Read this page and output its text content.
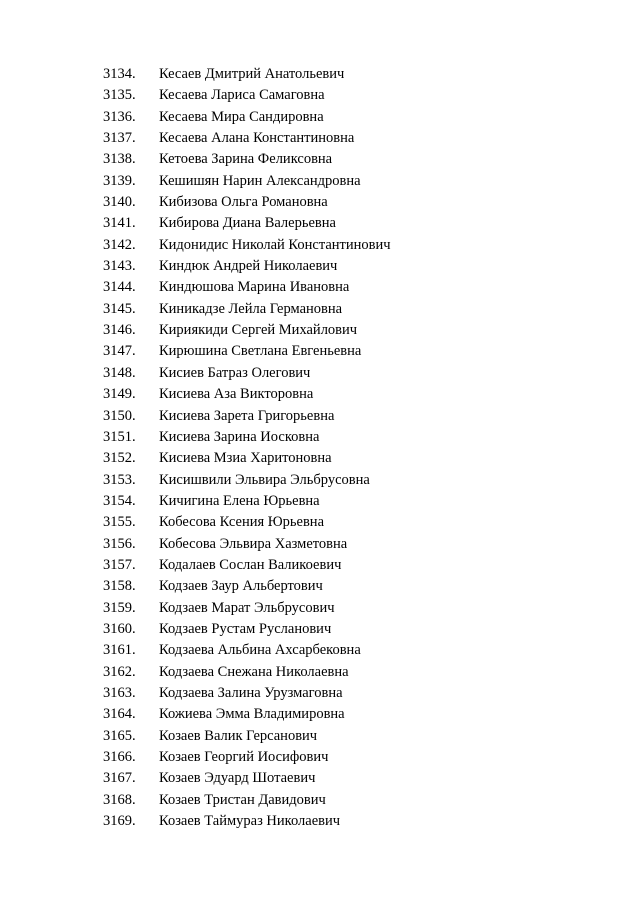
3134. Кесаев Дмитрий Анатольевич
3135. Кесаева Лариса Самаговна
3136. Кесаева Мира Сандировна
3137. Кесаева Алана Константиновна
3138. Кетоева Зарина Феликсовна
3139. Кешишян Нарин Александровна
3140. Кибизова Ольга Романовна
3141. Кибирова Диана Валерьевна
3142. Кидонидис Николай Константинович
3143. Киндюк Андрей Николаевич
3144. Киндюшова Марина Ивановна
3145. Киникадзе Лейла Германовна
3146. Кириякиди Сергей Михайлович
3147. Кирюшина Светлана Евгеньевна
3148. Кисиев Батраз Олегович
3149. Кисиева Аза Викторовна
3150. Кисиева Зарета Григорьевна
3151. Кисиева Зарина Иосковна
3152. Кисиева Мзиа Харитоновна
3153. Кисишвили Эльвира Эльбрусовна
3154. Кичигина Елена Юрьевна
3155. Кобесова Ксения Юрьевна
3156. Кобесова Эльвира Хазметовна
3157. Кодалаев Сослан Валикоевич
3158. Кодзаев Заур Альбертович
3159. Кодзаев Марат Эльбрусович
3160. Кодзаев Рустам Русланович
3161. Кодзаева Альбина Ахсарбековна
3162. Кодзаева Снежана Николаевна
3163. Кодзаева Залина Урузмаговна
3164. Кожиева Эмма Владимировна
3165. Козаев Валик Герсанович
3166. Козаев Георгий Иосифович
3167. Козаев Эдуард Шотаевич
3168. Козаев Тристан Давидович
3169. Козаев Таймураз Николаевич
